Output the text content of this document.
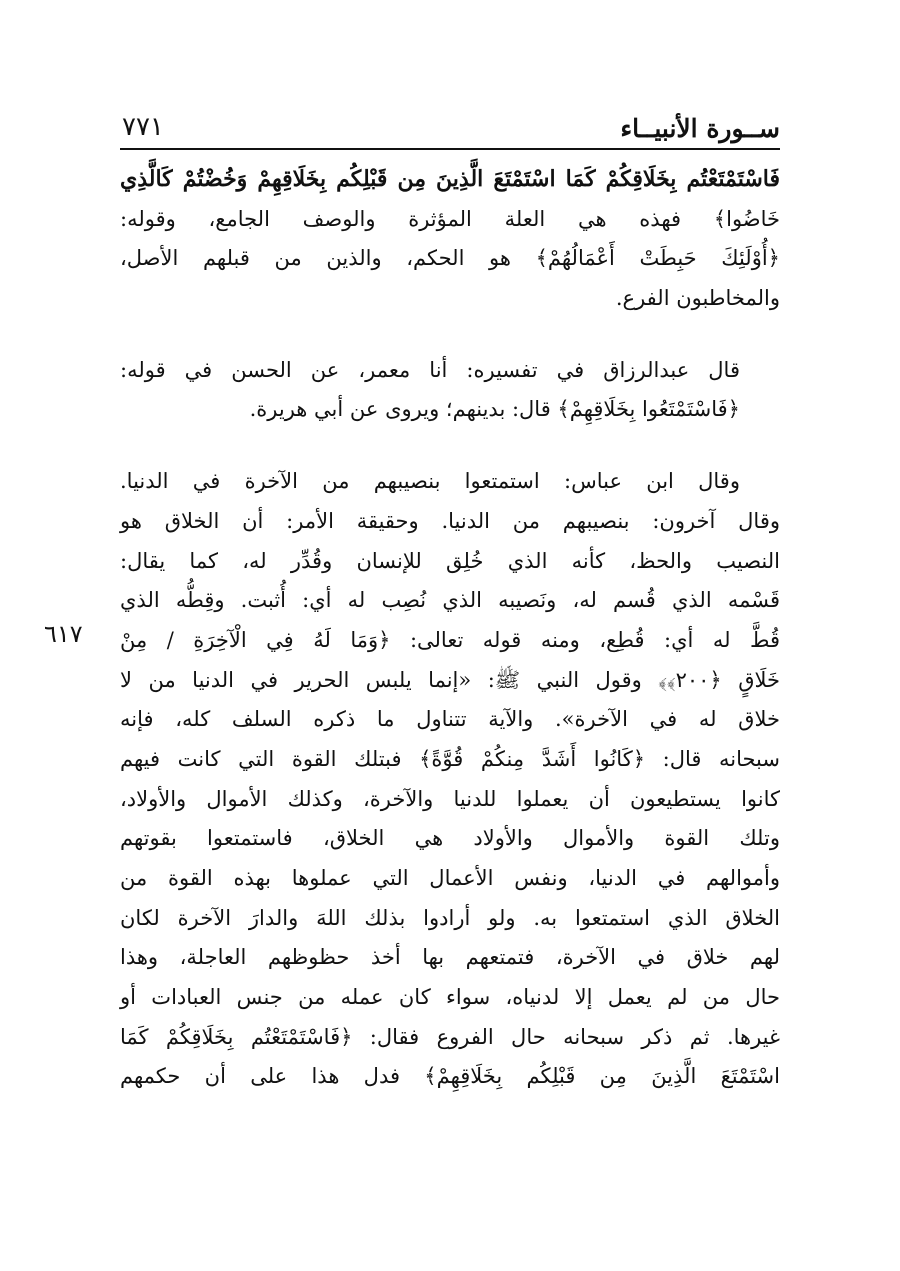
ســورة الأنبيــاء
٧٧١
٦١٧
فَاسْتَمْتَعْتُم بِخَلَاقِكُمْ كَمَا اسْتَمْتَعَ الَّذِينَ مِن قَبْلِكُم بِخَلَاقِهِمْ وَخُضْتُمْ كَالَّذِي
خَاضُوا﴾ فهذه هي العلة المؤثرة والوصف الجامع، وقوله:
﴿أُوْلَئِكَ حَبِطَتْ أَعْمَالُهُمْ﴾ هو الحكم، والذين من قبلهم الأصل،
والمخاطبون الفرع.
قال عبدالرزاق في تفسيره: أنا معمر، عن الحسن في قوله:
﴿فَاسْتَمْتَعُوا بِخَلَاقِهِمْ﴾ قال: بدينهم؛ ويروى عن أبي هريرة.
وقال ابن عباس: استمتعوا بنصيبهم من الآخرة في الدنيا.
وقال آخرون: بنصيبهم من الدنيا. وحقيقة الأمر: أن الخلاق هو
النصيب والحظ، كأنه الذي خُلِق للإنسان وقُدِّر له، كما يقال:
قَسْمه الذي قُسم له، ونَصيبه الذي نُصِب له أي: أُثبت. وقِطُّه الذي
قُطَّ له أي: قُطِع، ومنه قوله تعالى: ﴿وَمَا لَهُ فِي الْآخِرَةِ / مِنْ
خَلَاقٍ ﴿٢٠٠﴾﴾ وقول النبي ﷺ: «إنما يلبس الحرير في الدنيا من لا
خلاق له في الآخرة». والآية تتناول ما ذكره السلف كله، فإنه
سبحانه قال: ﴿كَانُوا أَشَدَّ مِنكُمْ قُوَّةً﴾ فبتلك القوة التي كانت فيهم
كانوا يستطيعون أن يعملوا للدنيا والآخرة، وكذلك الأموال والأولاد،
وتلك القوة والأموال والأولاد هي الخلاق، فاستمتعوا بقوتهم
وأموالهم في الدنيا، ونفس الأعمال التي عملوها بهذه القوة من
الخلاق الذي استمتعوا به. ولو أرادوا بذلك اللهَ والدارَ الآخرة لكان
لهم خلاق في الآخرة، فتمتعهم بها أخذ حظوظهم العاجلة، وهذا
حال من لم يعمل إلا لدنياه، سواء كان عمله من جنس العبادات أو
غيرها. ثم ذكر سبحانه حال الفروع فقال: ﴿فَاسْتَمْتَعْتُم بِخَلَاقِكُمْ كَمَا
اسْتَمْتَعَ الَّذِينَ مِن قَبْلِكُم بِخَلَاقِهِمْ﴾ فدل هذا على أن حكمهم
